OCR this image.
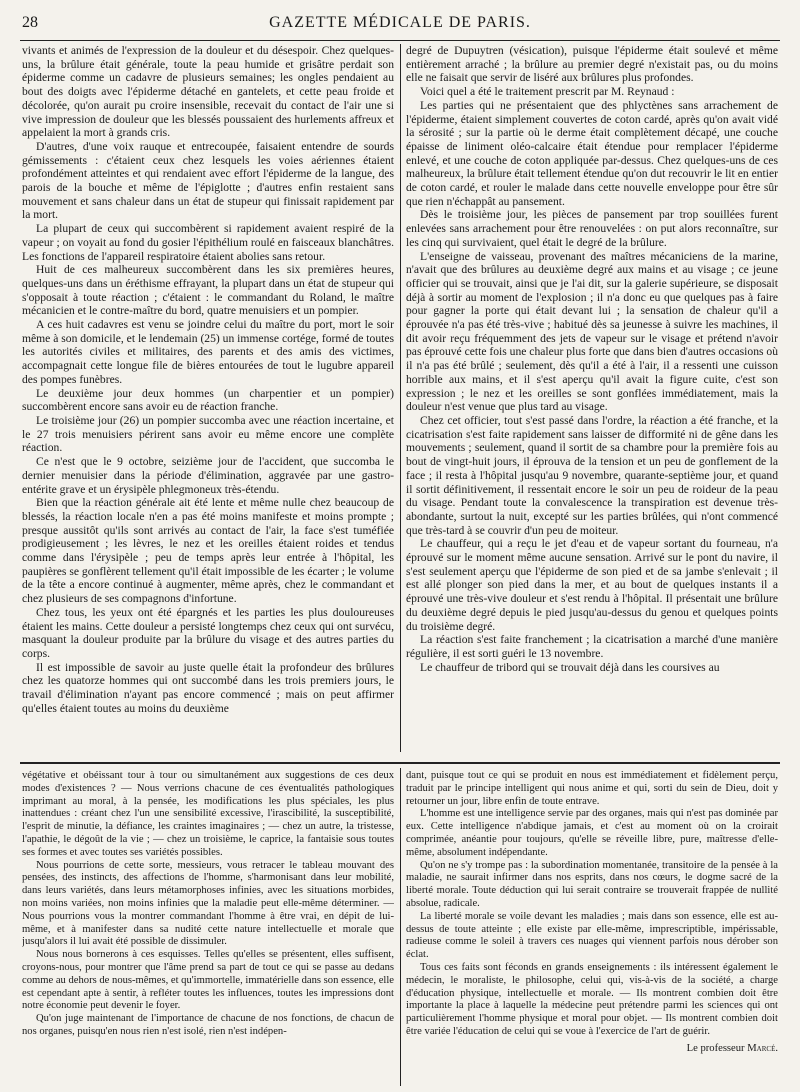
28	GAZETTE MÉDICALE DE PARIS.

vivants et animés de l'expression de la douleur et du désespoir. Chez quelques-uns, la brûlure était générale, toute la peau humide et grisâtre perdait son épiderme comme un cadavre de plusieurs semaines; les ongles pendaient au bout des doigts avec l'épiderme détaché en gantelets, et cette peau froide et décolorée, qu'on aurait pu croire insensible, recevait du contact de l'air une si vive impression de douleur que les blessés poussaient des hurlements affreux et appelaient la mort à grands cris.

D'autres, d'une voix rauque et entrecoupée, faisaient entendre de sourds gémissements : c'étaient ceux chez lesquels les voies aériennes étaient profondément atteintes et qui rendaient avec effort l'épiderme de la langue, des parois de la bouche et même de l'épiglotte ; d'autres enfin restaient sans mouvement et sans chaleur dans un état de stupeur qui finissait rapidement par la mort.

La plupart de ceux qui succombèrent si rapidement avaient respiré de la vapeur ; on voyait au fond du gosier l'épithélium roulé en faisceaux blanchâtres. Les fonctions de l'appareil respiratoire étaient abolies sans retour.

Huit de ces malheureux succombèrent dans les six premières heures, quelques-uns dans un éréthisme effrayant, la plupart dans un état de stupeur qui s'opposait à toute réaction ; c'étaient : le commandant du Roland, le maître mécanicien et le contre-maître du bord, quatre menuisiers et un pompier.

A ces huit cadavres est venu se joindre celui du maître du port, mort le soir même à son domicile, et le lendemain (25) un immense cortége, formé de toutes les autorités civiles et militaires, des parents et des amis des victimes, accompagnait cette longue file de bières entourées de tout le lugubre appareil des pompes funèbres.

Le deuxième jour deux hommes (un charpentier et un pompier) succombèrent encore sans avoir eu de réaction franche.

Le troisième jour (26) un pompier succomba avec une réaction incertaine, et le 27 trois menuisiers périrent sans avoir eu même encore une complète réaction.

Ce n'est que le 9 octobre, seizième jour de l'accident, que succomba le dernier menuisier dans la période d'élimination, aggravée par une gastro-entérite grave et un érysipèle phlegmoneux très-étendu.

Bien que la réaction générale ait été lente et même nulle chez beaucoup de blessés, la réaction locale n'en a pas été moins manifeste et moins prompte ; presque aussitôt qu'ils sont arrivés au contact de l'air, la face s'est tuméfiée prodigieusement ; les lèvres, le nez et les oreilles étaient roides et tendus comme dans l'érysipèle ; peu de temps après leur entrée à l'hôpital, les paupières se gonflèrent tellement qu'il était impossible de les écarter ; le volume de la tête a encore continué à augmenter, même après, chez le commandant et chez plusieurs de ses compagnons d'infortune.

Chez tous, les yeux ont été épargnés et les parties les plus douloureuses étaient les mains. Cette douleur a persisté longtemps chez ceux qui ont survécu, masquant la douleur produite par la brûlure du visage et des autres parties du corps.

Il est impossible de savoir au juste quelle était la profondeur des brûlures chez les quatorze hommes qui ont succombé dans les trois premiers jours, le travail d'élimination n'ayant pas encore commencé ; mais on peut affirmer qu'elles étaient toutes au moins du deuxième

degré de Dupuytren (vésication), puisque l'épiderme était soulevé et même entièrement arraché ; la brûlure au premier degré n'existait pas, ou du moins elle ne faisait que servir de liséré aux brûlures plus profondes.

Voici quel a été le traitement prescrit par M. Reynaud :

Les parties qui ne présentaient que des phlyctènes sans arrachement de l'épiderme, étaient simplement couvertes de coton cardé, après qu'on avait vidé la sérosité ; sur la partie où le derme était complètement décapé, une couche épaisse de liniment oléo-calcaire était étendue pour remplacer l'épiderme enlevé, et une couche de coton appliquée par-dessus. Chez quelques-uns de ces malheureux, la brûlure était tellement étendue qu'on dut recouvrir le lit en entier de coton cardé, et rouler le malade dans cette nouvelle enveloppe pour être sûr que rien n'échappât au pansement.

Dès le troisième jour, les pièces de pansement par trop souillées furent enlevées sans arrachement pour être renouvelées : on put alors reconnaître, sur les cinq qui survivaient, quel était le degré de la brûlure.

L'enseigne de vaisseau, provenant des maîtres mécaniciens de la marine, n'avait que des brûlures au deuxième degré aux mains et au visage ; ce jeune officier qui se trouvait, ainsi que je l'ai dit, sur la galerie supérieure, se disposait déjà à sortir au moment de l'explosion ; il n'a donc eu que quelques pas à faire pour gagner la porte qui était devant lui ; la sensation de chaleur qu'il a éprouvée n'a pas été très-vive ; habitué dès sa jeunesse à suivre les machines, il dit avoir reçu fréquemment des jets de vapeur sur le visage et prétend n'avoir pas éprouvé cette fois une chaleur plus forte que dans bien d'autres occasions où il n'a pas été brûlé ; seulement, dès qu'il a été à l'air, il a ressenti une cuisson horrible aux mains, et il s'est aperçu qu'il avait la figure cuite, c'est son expression ; le nez et les oreilles se sont gonflées immédiatement, mais la douleur n'est venue que plus tard au visage.

Chez cet officier, tout s'est passé dans l'ordre, la réaction a été franche, et la cicatrisation s'est faite rapidement sans laisser de difformité ni de gêne dans les mouvements ; seulement, quand il sortit de sa chambre pour la première fois au bout de vingt-huit jours, il éprouva de la tension et un peu de gonflement de la face ; il resta à l'hôpital jusqu'au 9 novembre, quarante-septième jour, et quand il sortit définitivement, il ressentait encore le soir un peu de roideur de la peau du visage. Pendant toute la convalescence la transpiration est devenue très-abondante, surtout la nuit, excepté sur les parties brûlées, qui n'ont commencé que très-tard à se couvrir d'un peu de moiteur.

Le chauffeur, qui a reçu le jet d'eau et de vapeur sortant du fourneau, n'a éprouvé sur le moment même aucune sensation. Arrivé sur le pont du navire, il s'est seulement aperçu que l'épiderme de son pied et de sa jambe s'enlevait ; il est allé plonger son pied dans la mer, et au bout de quelques instants il a éprouvé une très-vive douleur et s'est rendu à l'hôpital. Il présentait une brûlure du deuxième degré depuis le pied jusqu'au-dessus du genou et quelques points du troisième degré.

La réaction s'est faite franchement ; la cicatrisation a marché d'une manière régulière, il est sorti guéri le 13 novembre.

Le chauffeur de tribord qui se trouvait déjà dans les coursives au

végétative et obéissant tour à tour ou simultanément aux suggestions de ces deux modes d'existences ? — Nous verrions chacune de ces éventualités pathologiques imprimant au moral, à la pensée, les modifications les plus spéciales, les plus inattendues : créant chez l'un une sensibilité excessive, l'irascibilité, la susceptibilité, l'esprit de minutie, la défiance, les craintes imaginaires ; — chez un autre, la tristesse, l'apathie, le dégoût de la vie ; — chez un troisième, le caprice, la fantaisie sous toutes ses formes et avec toutes ses variétés possibles.

Nous pourrions de cette sorte, messieurs, vous retracer le tableau mouvant des pensées, des instincts, des affections de l'homme, s'harmonisant dans leur mobilité, dans leurs variétés, dans leurs métamorphoses infinies, avec les situations morbides, non moins variées, non moins infinies que la maladie peut elle-même déterminer. — Nous pourrions vous la montrer commandant l'homme à être vrai, en dépit de lui-même, et à manifester dans sa nudité cette nature intellectuelle et morale que jusqu'alors il lui avait été possible de dissimuler.

Nous nous bornerons à ces esquisses. Telles qu'elles se présentent, elles suffisent, croyons-nous, pour montrer que l'âme prend sa part de tout ce qui se passe au dedans comme au dehors de nous-mêmes, et qu'immortelle, immatérielle dans son essence, elle est cependant apte à sentir, à refléter toutes les influences, toutes les impressions dont notre économie peut devenir le foyer.

Qu'on juge maintenant de l'importance de chacune de nos fonctions, de chacun de nos organes, puisqu'en nous rien n'est isolé, rien n'est indépen-

dant, puisque tout ce qui se produit en nous est immédiatement et fidèlement perçu, traduit par le principe intelligent qui nous anime et qui, sorti du sein de Dieu, doit y retourner un jour, libre enfin de toute entrave.

L'homme est une intelligence servie par des organes, mais qui n'est pas dominée par eux. Cette intelligence n'abdique jamais, et c'est au moment où on la croirait comprimée, anéantie pour toujours, qu'elle se réveille libre, pure, maîtresse d'elle-même, absolument indépendante.

Qu'on ne s'y trompe pas : la subordination momentanée, transitoire de la pensée à la maladie, ne saurait infirmer dans nos esprits, dans nos cœurs, le dogme sacré de la liberté morale. Toute déduction qui lui serait contraire se trouverait frappée de nullité absolue, radicale.

La liberté morale se voile devant les maladies ; mais dans son essence, elle est au-dessus de toute atteinte ; elle existe par elle-même, imprescriptible, impérissable, radieuse comme le soleil à travers ces nuages qui viennent parfois nous dérober son éclat.

Tous ces faits sont féconds en grands enseignements : ils intéressent également le médecin, le moraliste, le philosophe, celui qui, vis-à-vis de la société, a charge d'éducation physique, intellectuelle et morale. — Ils montrent combien doit être importante la place à laquelle la médecine peut prétendre parmi les sciences qui ont particulièrement l'homme physique et moral pour objet. — Ils montrent combien doit être variée l'éducation de celui qui se voue à l'exercice de l'art de guérir.

Le professeur Marcé.
